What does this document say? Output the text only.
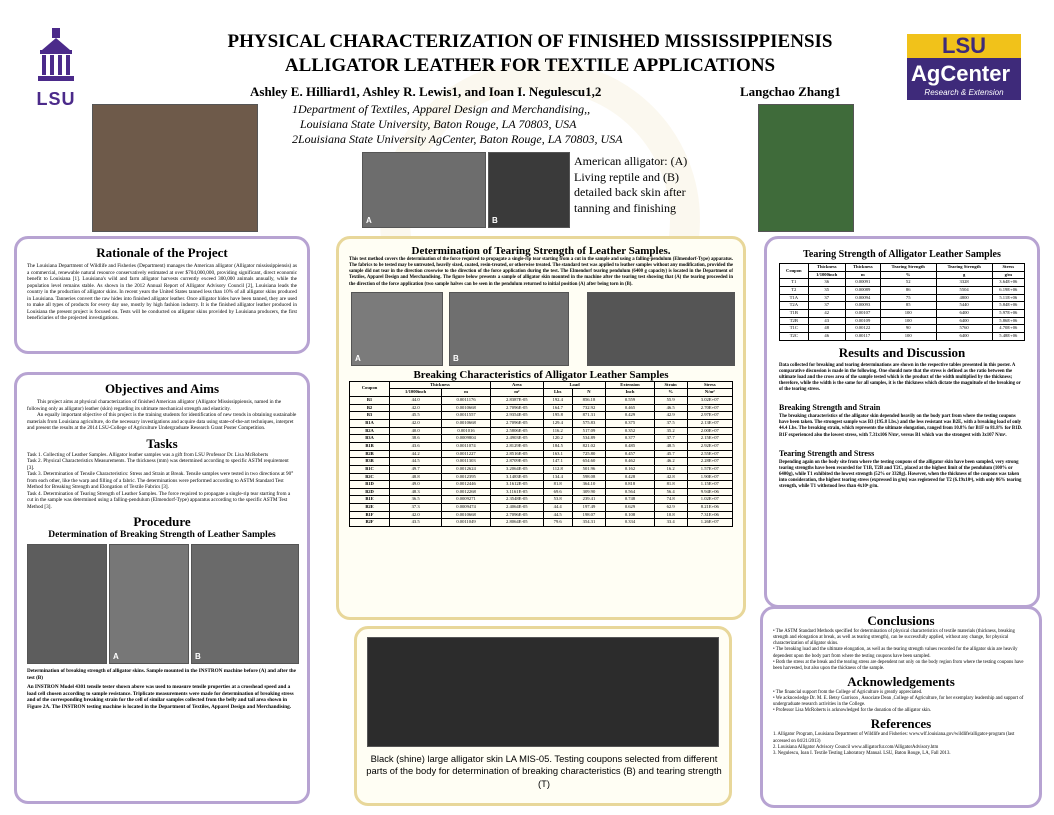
LSU
LSU
AgCenter
Research & Extension
PHYSICAL CHARACTERIZATION OF FINISHED MISSISSIPPIENSIS
ALLIGATOR LEATHER FOR TEXTILE APPLICATIONS
Ashley E. Hilliard1, Ashley R. Lewis1, and Ioan I. Negulescu1,2	Langchao Zhang1
1Department of Textiles, Apparel Design and Merchandising,,
Louisiana State University, Baton Rouge, LA 70803, USA
2Louisiana State University AgCenter, Baton Rouge, LA 70803, USA
A	B
American alligator: (A) Living reptile and (B) detailed back skin after tanning and finishing
Rationale of the Project
The Louisiana Department of Wildlife and Fisheries (Department) manages the American alligator (Alligator mississippiensis) as a commercial, renewable natural resource conservatively estimated at over $704,000,000, providing significant, direct economic benefit to Louisiana [1]. Louisiana's wild and farm alligator harvests currently exceed 300,000 animals annually, while the population level remains stable. As shown in the 2012 Annual Report of Alligator Advisory Council [2], Louisiana leads the country in the production of alligator skins. In recent years the United States tanned less than 10% of all alligator skins produced in Louisiana. Tanneries convert the raw hides into finished alligator leather. Once alligator hides have been tanned, they are used to make all types of products for every day use, mostly by high fashion industry. It is the finished alligator leather produced in Louisiana the present project is focused on. Tests will be conducted on alligator skins provided by Louisiana producers, the first beneficiaries of the projected investigations.
Objectives and Aims
This project aims at physical characterization of finished American alligator (Alligator Mississippiensis, named in the following only as alligator) leather (skin) regarding its ultimate mechanical strength and elasticity.
An equally important objective of this project is the training students for identification of new trends in obtaining sustainable materials from Louisiana agriculture, do the necessary investigations and acquire data using state-of-the-art techniques, interpret and present the results at the 2014 LSU-College of Agriculture Undergraduate Research Grant Poster Competition.
Tasks
Task 1. Collecting of Leather Samples. Alligator leather samples was a gift from LSU Professor Dr. Lisa McRoberts
Task 2. Physical Characteristics Measurements. The thickness (mm) was determined according to specific ASTM requirement [3].
Task 3. Determination of Tensile Characteristics: Stress and Strain at Break. Tensile samples were tested in two directions at 90° from each other, like the warp and filling of a fabric. The determinations were performed according to ASTM Standard Test Method for Breaking Strength and Elongation of Textile Fabrics [3].
Task 4. Determination of Tearing Strength of Leather Samples. The force required to propagate a single-rip tear starting from a cut in the sample was determined using a falling-pendulum (Elmendorf-Type) apparatus according to the specific ASTM Test Method [3].
Procedure
Determination of Breaking Strength of Leather Samples
A	B
Determination of breaking strength of alligator skins. Sample mounted in the INSTRON machine before (A) and after the test (B)
An INSTRON Model 4301 tensile tester shown above was used to measure tensile properties at a crosshead speed and a load cell chosen according to sample resistance. Triplicate measurements were made for determination of breaking stress and of the corresponding breaking strain for the cell of similar samples collected from the belly and tail area shown in Figure 2A. The INSTRON testing machine is located in the Department of Textiles, Apparel Design and Merchandising.
Determination of Tearing Strength of Leather Samples.
This test method covers the determination of the force required to propagate a single-rip tear starting from a cut in the sample and using a falling-pendulum (Elmendorf-Type) apparatus. The fabrics to be tested may be untreated, heavily sized, coated, resin-treated, or otherwise treated. The standard test was applied to leather samples without any modification, provided the sample did not tear in the direction crosswise to the direction of the force application during the test. The Elmendorf tearing pendulum (6400 g capacity) is located in the Department of Textiles, Apparel Design and Merchandising. The figure below presents a sample of alligator skin mounted in the machine after the tearing test showing that (A) the tearing proceeded in the direction of the force application (two sample halves can be seen in the pendulum returned to initial position (A) after being torn in (B).
A	B
Breaking Characteristics of Alligator Leather Samples
Coupon	Thickness		Area	Load		Extension	Strain	Stress
	1/1000inch	m	m²	Lbs	N	Inch	%	N/m²
B1	44.0	0.0011176	2.8387E-05	192.4	856.18	0.559	55.9	3.02E+07
B2	42.0	0.0010668	2.7096E-05	164.7	732.92	0.465	46.5	2.70E+07
B3	45.5	0.0011557	2.9354E-05	195.8	871.31	0.429	42.9	2.97E+07
B1A	42.0	0.0010668	2.7096E-05	129.4	575.83	0.375	37.5	2.13E+07
B2A	40.0	0.001016	2.5806E-05	116.2	517.09	0.352	35.2	2.00E+07
B3A	38.6	0.0009804	2.4903E-05	120.2	534.89	0.377	37.7	2.15E+07
B1B	43.6	0.0011074	2.8129E-05	184.5	821.02	0.485	48.5	2.92E+07
B2B	44.2	0.0011227	2.8516E-05	163.1	725.80	0.457	45.7	2.55E+07
B3B	44.5	0.0011303	2.8709E-05	147.1	654.60	0.462	46.2	2.28E+07
B1C	49.7	0.0012624	3.2064E-05	112.8	501.96	0.162	16.2	1.57E+07
B2C	48.8	0.0012395	3.1483E-05	134.4	598.08	0.428	42.8	1.90E+07
B1D	49.0	0.0012446	3.1612E-05	81.8	364.10	0.818	81.8	1.15E+07
B2D	48.3	0.0012268	3.1161E-05	69.6	309.90	0.564	56.4	9.94E+06
B1E	36.5	0.0009271	2.3548E-05	53.8	239.41	0.748	74.8	1.02E+07
B2E	37.3	0.0009474	2.4064E-05	44.4	197.49	0.629	62.9	8.21E+06
B1F	42.0	0.0010668	2.7096E-05	44.5	198.07	0.108	10.8	7.31E+06
B2F	43.5	0.0011049	2.8064E-05	79.6	354.31	0.334	33.4	1.26E+07
Black (shine) large alligator skin LA MIS-05. Testing coupons selected from different parts of the body for determination of breaking characteristics (B) and tearing strength (T)
Tearing Strength of Alligator Leather Samples
Coupon	Thickness	Thickness	Tearing Strength	Tearing Strength	Stress
	1/1000inch	m	%	g	g/m
T1	36	0.00091	52	3328	3.64E+06
T2	35	0.00089	86	5504	6.19E+06
T1A	37	0.00094	75	4800	5.11E+06
T2A	37	0.00093	85	5440	5.84E+06
T1B	42	0.00107	100	6400	5.97E+06
T2B	43	0.00109	100	6400	5.86E+06
T1C	48	0.00122	90	5760	4.70E+06
T2C	46	0.00117	100	6400	5.48E+06
Results and Discussion
Data collected for breaking and tearing determinations are shown in the respective tables presented in this poster. A comparative discussion is made in the following. One should note that the stress is defined as the ratio between the ultimate load and the cross area of the sample tested which is the product of the width multiplied by the thickness; therefore, while the width is the same for all samples, it is the thickness which dictate the magnitude of the breaking or of the tearing stress.
Breaking Strength and Strain
The breaking characteristics of the alligator skin depended heavily on the body part from where the testing coupons have been taken. The strongest sample was B3 (195.8 Lbs.) and the less resistant was B2E, with a breaking load of only 44.4 Lbs. The breaking strain, which represents the ultimate elongation, ranged from 10.8% for B1F to 81.8% for B1D. B1F experienced also the lowest stress, with 7.31x106 N/m², versus B1 which was the strongest with 3x107 N/m².
Tearing Strength and Stress
Depending again on the body site from where the testing coupons of the alligator skin have been sampled, very strong tearing strengths have been recorded for T1B, T2B and T2C, placed at the highest limit of the pendulum (100% or 6400g), while T1 exhibited the lowest strength (52% or 3328g). However, when the thickness of the coupons was taken into consideration, the highest tearing stress (expressed in g/m) was registered for T2 (6.19x10⁶), with only 86% tearing strength, while T1 withstood less than 4x10⁶ g/m.
Conclusions
• The ASTM Standard Methods specified for determination of physical characteristics of textile materials (thickness, breaking strength and elongation at break, as well as tearing strength), can be successfully applied, without any change, for physical characterization of alligator skins.
• The breaking load and the ultimate elongation, as well as the tearing strength values recorded for the alligator skin are heavily dependent upon the body part from where the testing coupons have been sampled.
• Both the stress at the break and the tearing stress are dependent not only on the body region from where the testing coupons have been harvested, but also upon the thickness of the sample.
Acknowledgements
• The financial support from the College of Agriculture is greatly appreciated.
• We acknowledge Dr. M. E. Betsy Garrison , Associate Dean ,College of Agriculture, for her exemplary leadership and support of undergraduate research activities in the College.
• Professor Lisa McRoberts is acknowledged for the donation of the alligator skin.
References
1. Alligator Program, Louisiana Department of Wildlife and Fisheries: www.wlf.louisiana.gov/wildlife/alligator-program (last accessed on 04/21/2013)
2. Louisiana Alligator Advisory Council www.alligatorfur.com/AlligatorAdvisory.htm
3. Negulescu, Ioan I. Textile Testing Laboratory Manual. LSU, Baton Rouge, LA, Fall 2013.
